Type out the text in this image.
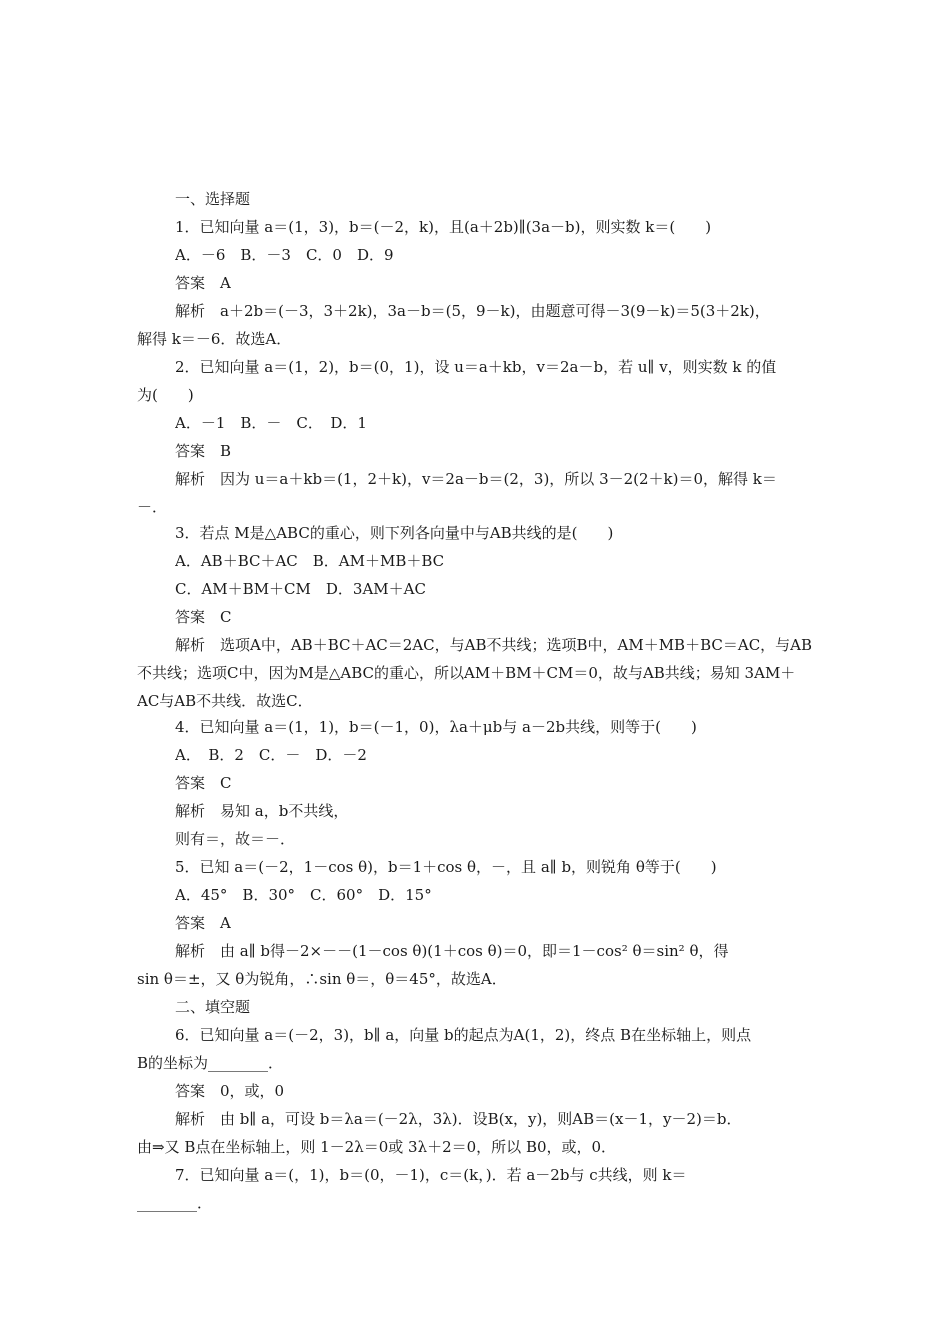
一、选择题
1．已知向量 a＝(1，3)，b＝(－2，k)，且(a＋2b)∥(3a－b)，则实数 k＝(　　)
A．－6　B．－3　C．0　D．9
答案　A
解析　a＋2b＝(－3，3＋2k)，3a－b＝(5，9－k)，由题意可得－3(9－k)＝5(3＋2k)，
解得 k＝－6．故选A．
2．已知向量 a＝(1，2)，b＝(0，1)，设 u＝a＋kb，v＝2a－b，若 u∥ v，则实数 k 的值
为(　　)
A．－1　B．－　C．　D．1
答案　B
解析　因为 u＝a＋kb＝(1，2＋k)，v＝2a－b＝(2，3)，所以 3－2(2＋k)＝0，解得 k＝
－．
3．若点 M是△ABC的重心，则下列各向量中与AB共线的是(　　)
A．AB＋BC＋AC　B．AM＋MB＋BC
C．AM＋BM＋CM　D．3AM＋AC
答案　C
解析　选项A中，AB＋BC＋AC＝2AC，与AB不共线；选项B中，AM＋MB＋BC＝AC，与AB
不共线；选项C中，因为M是△ABC的重心，所以AM＋BM＋CM＝0，故与AB共线；易知 3AM＋
AC与AB不共线．故选C．
4．已知向量 a＝(1，1)，b＝(－1，0)，λa＋μb与 a－2b共线，则等于(　　)
A．　B．2　C．－　D．－2
答案　C
解析　易知 a，b不共线，
则有＝，故＝－．
5．已知 a＝(－2，1－cos θ)，b＝1＋cos θ，－，且 a∥ b，则锐角 θ等于(　　)
A．45°　B．30°　C．60°　D．15°
答案　A
解析　由 a∥ b得－2×－－(1－cos θ)(1＋cos θ)＝0，即＝1－cos² θ＝sin² θ，得
sin θ＝±，又 θ为锐角，∴sin θ＝，θ＝45°，故选A．
二、填空题
6．已知向量 a＝(－2，3)，b∥ a，向量 b的起点为A(1，2)，终点 B在坐标轴上，则点
B的坐标为________．
答案　0，或，0
解析　由 b∥ a，可设 b＝λa＝(－2λ，3λ)．设B(x，y)，则AB＝(x－1，y－2)＝b．
由⇒又 B点在坐标轴上，则 1－2λ＝0或 3λ＋2＝0，所以 B0，或，0．
7．已知向量 a＝(，1)，b＝(0，－1)，c＝(k，)．若 a－2b与 c共线，则 k＝
________．
